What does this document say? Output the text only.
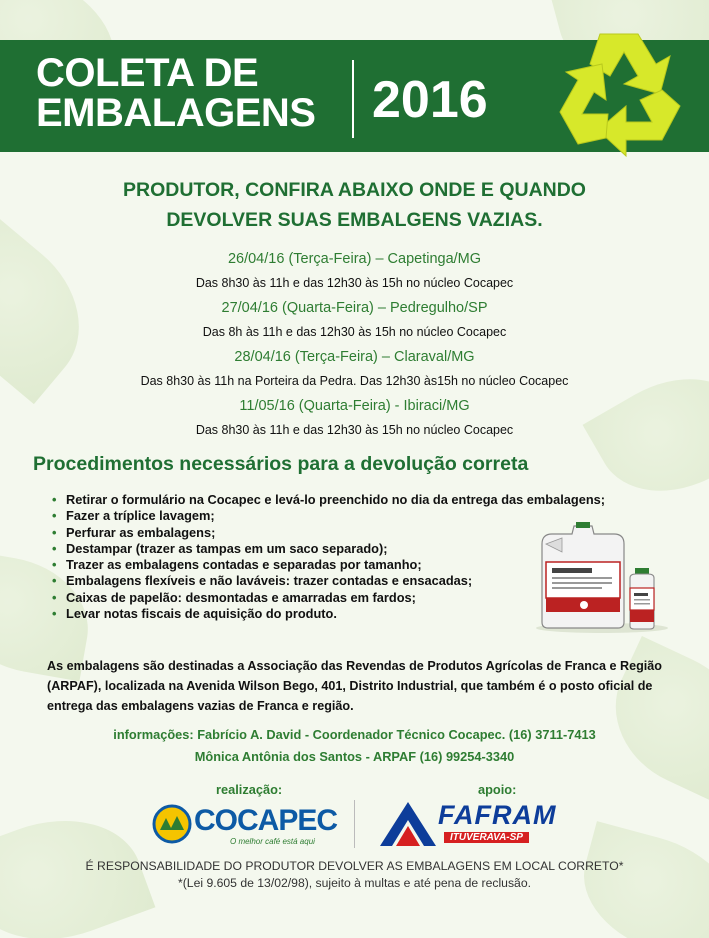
COLETA DE
EMBALAGENS	2016
PRODUTOR, CONFIRA ABAIXO ONDE E QUANDO
DEVOLVER SUAS EMBALGENS VAZIAS.
26/04/16 (Terça-Feira) – Capetinga/MG
Das 8h30 às 11h e das 12h30 às 15h no núcleo Cocapec
27/04/16 (Quarta-Feira) – Pedregulho/SP
Das 8h às 11h e das 12h30 às 15h no núcleo Cocapec
28/04/16 (Terça-Feira) – Claraval/MG
Das 8h30 às 11h na Porteira da Pedra. Das 12h30 às15h no núcleo Cocapec
11/05/16 (Quarta-Feira) - Ibiraci/MG
Das 8h30 às 11h e das 12h30 às 15h no núcleo Cocapec
Procedimentos necessários para a devolução correta
• Retirar o formulário na Cocapec e levá-lo preenchido no dia da entrega das embalagens;
• Fazer a tríplice lavagem;
• Perfurar as embalagens;
• Destampar (trazer as tampas em um saco separado);
• Trazer as embalagens contadas e separadas por tamanho;
• Embalagens flexíveis e não laváveis: trazer contadas e ensacadas;
• Caixas de papelão: desmontadas e amarradas em fardos;
• Levar notas fiscais de aquisição do produto.
As embalagens são destinadas a Associação das Revendas de Produtos Agrícolas de Franca e Região (ARPAF), localizada na Avenida Wilson Bego, 401, Distrito Industrial, que também é o posto oficial de entrega das embalagens vazias de Franca e região.
informações: Fabrício A. David - Coordenador Técnico Cocapec. (16) 3711-7413
Mônica Antônia dos Santos - ARPAF (16) 99254-3340
realização:	apoio:
COCAPEC
O melhor café está aqui
FAFRAM
ITUVERAVA-SP
É RESPONSABILIDADE DO PRODUTOR DEVOLVER AS EMBALAGENS EM LOCAL CORRETO*
*(Lei 9.605 de 13/02/98), sujeito à multas e até pena de reclusão.
